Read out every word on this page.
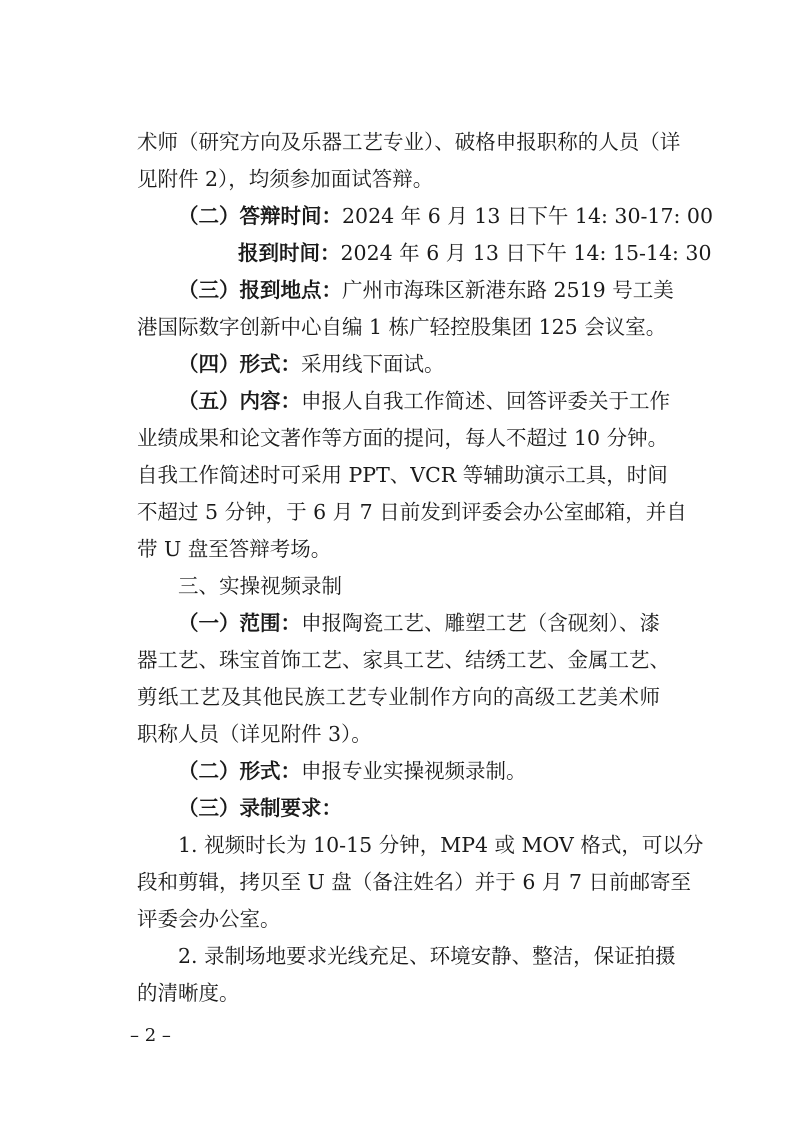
术师（研究方向及乐器工艺专业）、破格申报职称的人员（详
见附件 2），均须参加面试答辩。
（二）答辩时间：2024 年 6 月 13 日下午 14: 30-17: 00
报到时间：2024 年 6 月 13 日下午 14: 15-14: 30
（三）报到地点：广州市海珠区新港东路 2519 号工美
港国际数字创新中心自编 1 栋广轻控股集团 125 会议室。
（四）形式：采用线下面试。
（五）内容：申报人自我工作简述、回答评委关于工作
业绩成果和论文著作等方面的提问，每人不超过 10 分钟。
自我工作简述时可采用 PPT、VCR 等辅助演示工具，时间
不超过 5 分钟，于 6 月 7 日前发到评委会办公室邮箱，并自
带 U 盘至答辩考场。
三、实操视频录制
（一）范围：申报陶瓷工艺、雕塑工艺（含砚刻）、漆
器工艺、珠宝首饰工艺、家具工艺、结绣工艺、金属工艺、
剪纸工艺及其他民族工艺专业制作方向的高级工艺美术师
职称人员（详见附件 3）。
（二）形式：申报专业实操视频录制。
（三）录制要求：
1. 视频时长为 10-15 分钟，MP4 或 MOV 格式，可以分
段和剪辑，拷贝至 U 盘（备注姓名）并于 6 月 7 日前邮寄至
评委会办公室。
2. 录制场地要求光线充足、环境安静、整洁，保证拍摄
的清晰度。
– 2 –
